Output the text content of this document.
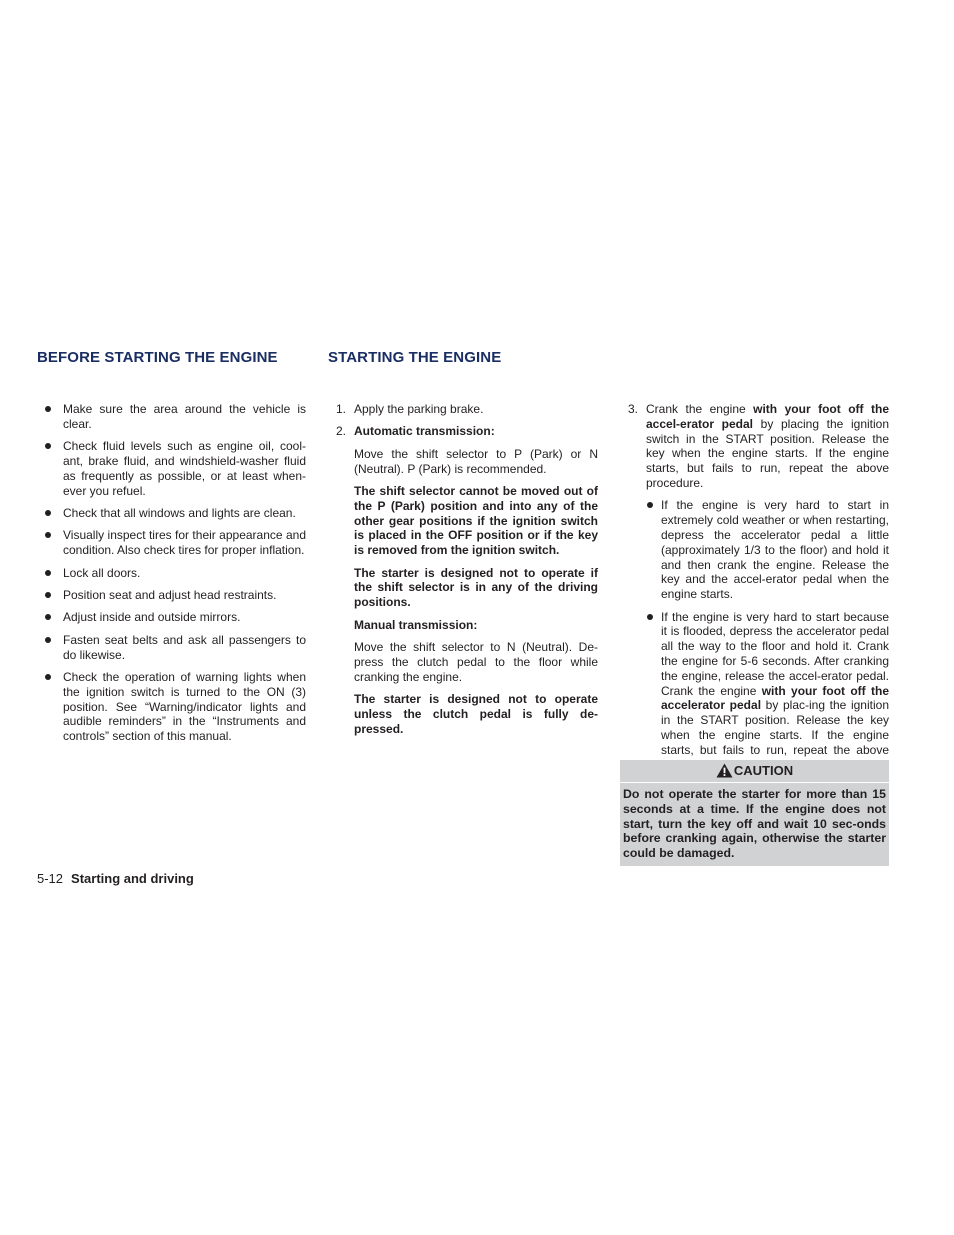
BEFORE STARTING THE ENGINE	STARTING THE ENGINE
Make sure the area around the vehicle is clear.
Check fluid levels such as engine oil, cool-ant, brake fluid, and windshield-washer fluid as frequently as possible, or at least when-ever you refuel.
Check that all windows and lights are clean.
Visually inspect tires for their appearance and condition. Also check tires for proper inflation.
Lock all doors.
Position seat and adjust head restraints.
Adjust inside and outside mirrors.
Fasten seat belts and ask all passengers to do likewise.
Check the operation of warning lights when the ignition switch is turned to the ON (3) position. See “Warning/indicator lights and audible reminders” in the “Instruments and controls” section of this manual.
1. Apply the parking brake.

2. Automatic transmission:

Move the shift selector to P (Park) or N (Neutral). P (Park) is recommended.

The shift selector cannot be moved out of the P (Park) position and into any of the other gear positions if the ignition switch is placed in the OFF position or if the key is removed from the ignition switch.

The starter is designed not to operate if the shift selector is in any of the driving positions.

Manual transmission:

Move the shift selector to N (Neutral). De-press the clutch pedal to the floor while cranking the engine.

The starter is designed not to operate unless the clutch pedal is fully de-pressed.

3. Crank the engine with your foot off the accel-erator pedal by placing the ignition switch in the START position. Release the key when the engine starts. If the engine starts, but fails to run, repeat the above procedure.

If the engine is very hard to start in extremely cold weather or when restarting, depress the accelerator pedal a little (approximately 1/3 to the floor) and hold it and then crank the engine. Release the key and the accel-erator pedal when the engine starts.
If the engine is very hard to start because it is flooded, depress the accelerator pedal all the way to the floor and hold it. Crank the engine for 5-6 seconds. After cranking the engine, release the accel-erator pedal. Crank the engine with your foot off the accelerator pedal by plac-ing the ignition in the START position. Release the key when the engine starts. If the engine starts, but fails to run, repeat the above
CAUTION
Do not operate the starter for more than 15 seconds at a time. If the engine does not start, turn the key off and wait 10 sec-onds before cranking again, otherwise the starter could be damaged.
5-12 Starting and driving
